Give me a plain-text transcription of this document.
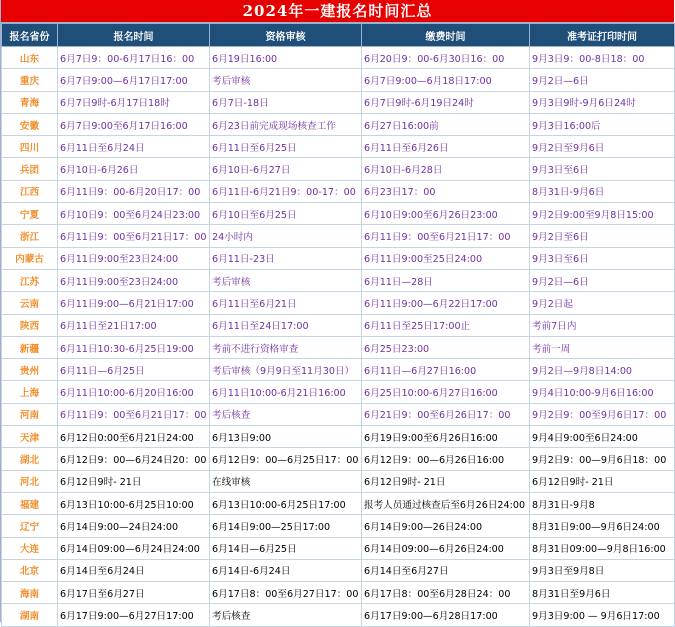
2024年一建报名时间汇总
报名省份	报名时间	资格审核	缴费时间	准考证打印时间
山东	6月7日9：00-6月17日16：00	6月19日16:00	6月20日9：00-6月30日16：00	9月3日9：00-8日18：00
重庆	6月7日9:00—6月17日17:00	考后审核	6月7日9:00—6月18日17:00	9月2日—6日
青海	6月7日9时-6月17日18时	6月7日-18日	6月7日9时-6月19日24时	9月3日9时-9月6日24时
安徽	6月7日9:00至6月17日16:00	6月23日前完成现场核查工作	6月27日16:00前	9月3日16:00后
四川	6月11日至6月24日	6月11日至6月25日	6月11日至6月26日	9月2日至9月6日
兵团	6月10日-6月26日	6月10日-6月27日	6月10日-6月28日	9月3日至6日
江西	6月11日9：00-6月20日17：00	6月11日-6月21日9：00-17：00	6月23日17：00	8月31日-9月6日
宁夏	6月10日9：00至6月24日23:00	6月10日至6月25日	6月10日9:00至6月26日23:00	9月2日9:00至9月8日15:00
浙江	6月11日9：00至6月21日17：00	24小时内	6月11日9：00至6月21日17：00	9月2日至6日
内蒙古	6月11日9:00至23日24:00	6月11日-23日	6月11日9:00至25日24:00	9月3日至6日
江苏	6月11日9:00至23日24:00	考后审核	6月11日—28日	9月2日—6日
云南	6月11日9:00—6月21日17:00	6月11日至6月21日	6月11日9:00—6月22日17:00	9月2日起
陕西	6月11日至21日17:00	6月11日至24日17:00	6月11日至25日17:00止	考前7日内
新疆	6月11日10:30-6月25日19:00	考前不进行资格审查	6月25日23:00	考前一周
贵州	6月11日—6月25日	考后审核（9月9日至11月30日）	6月11日—6月27日16:00	9月2日—9月8日14:00
上海	6月11日10:00-6月20日16:00	6月11日10:00-6月21日16:00	6月25日10:00-6月27日16:00	9月4日10:00-9月6日16:00
河南	6月11日9：00至6月21日17：00	考后核查	6月21日9：00至6月26日17：00	9月2日9：00至9月6日17：00
天津	6月12日0:00至6月21日24:00	6月13日9:00	6月19日9:00至6月26日16:00	9月4日9:00至6日24:00
湖北	6月12日9：00—6月24日20：00	6月12日9：00—6月25日17：00	6月12日9：00—6月26日16:00	9月2日9：00—9月6日18：00
河北	6月12日9时- 21日	在线审核	6月12日9时- 21日	6月12日9时- 21日
福建	6月13日10:00-6月25日10:00	6月13日10:00-6月25日17:00	报考人员通过核查后至6月26日24:00	8月31日-9月8
辽宁	6月14日9:00—24日24:00	6月14日9:00—25日17:00	6月14日9:00—26日24:00	8月31日9:00—9月6日24:00
大连	6月14日09:00—6月24日24:00	6月14日—6月25日	6月14日09:00—6月26日24:00	8月31日09:00—9月8日16:00
北京	6月14日至6月24日	6月14日-6月24日	6月14日至6月27日	9月3日至9月8日
海南	6月17日至6月27日	6月17日8：00至6月27日17：00	6月17日8：00至6月28日24：00	8月31日至9月6日
湖南	6月17日9:00—6月27日17:00	考后核查	6月17日9:00—6月28日17:00	9月3日9:00 — 9月6日17:00
